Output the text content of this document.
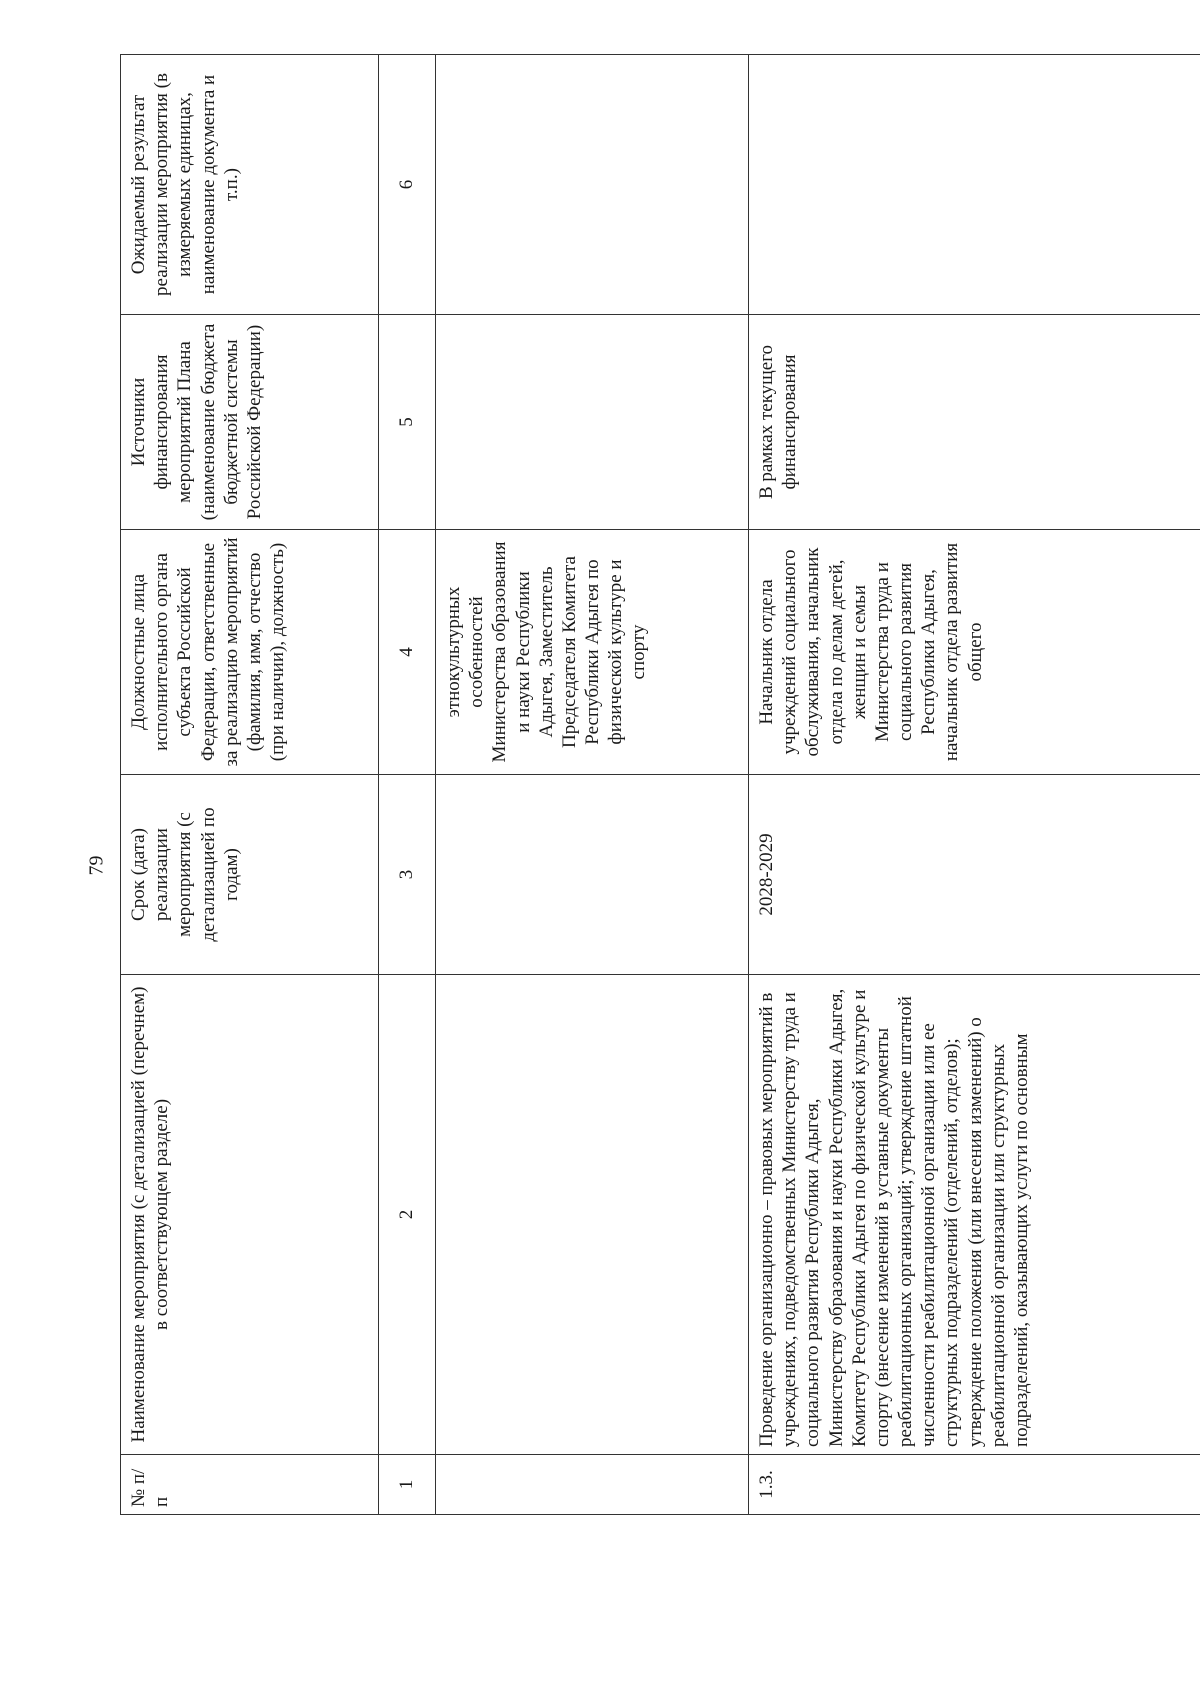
79
№ п/п	Наименование мероприятия (с детализацией (перечнем) в соответствующем разделе)	Срок (дата) реализации мероприятия (с детализацией по годам)	Должностные лица исполнительного органа субъекта Российской Федерации, ответственные за реализацию мероприятий (фамилия, имя, отчество (при наличии), должность)	Источники финансирования мероприятий Плана (наименование бюджета бюджетной системы Российской Федерации)	Ожидаемый результат реализации мероприятия (в измеряемых единицах, наименование документа и т.п.)
1	2	3	4	5	6
			этнокультурных особенностей Министерства образования и науки Республики Адыгея, Заместитель Председателя Комитета Республики Адыгея по физической культуре и спорту		
1.3.	Проведение организационно – правовых мероприятий в учреждениях, подведомственных Министерству труда и социального развития Республики Адыгея, Министерству образования и науки Республики Адыгея, Комитету Республики Адыгея по физической культуре и спорту (внесение изменений в уставные документы реабилитационных организаций; утверждение штатной численности реабилитационной организации или ее структурных подразделений (отделений, отделов); утверждение положения (или внесения изменений) о реабилитационной организации или структурных подразделений, оказывающих услуги по основным	2028-2029	Начальник отдела учреждений социального обслуживания, начальник отдела по делам детей, женщин и семьи Министерства труда и социального развития Республики Адыгея, начальник отдела развития общего	В рамках текущего финансирования	
